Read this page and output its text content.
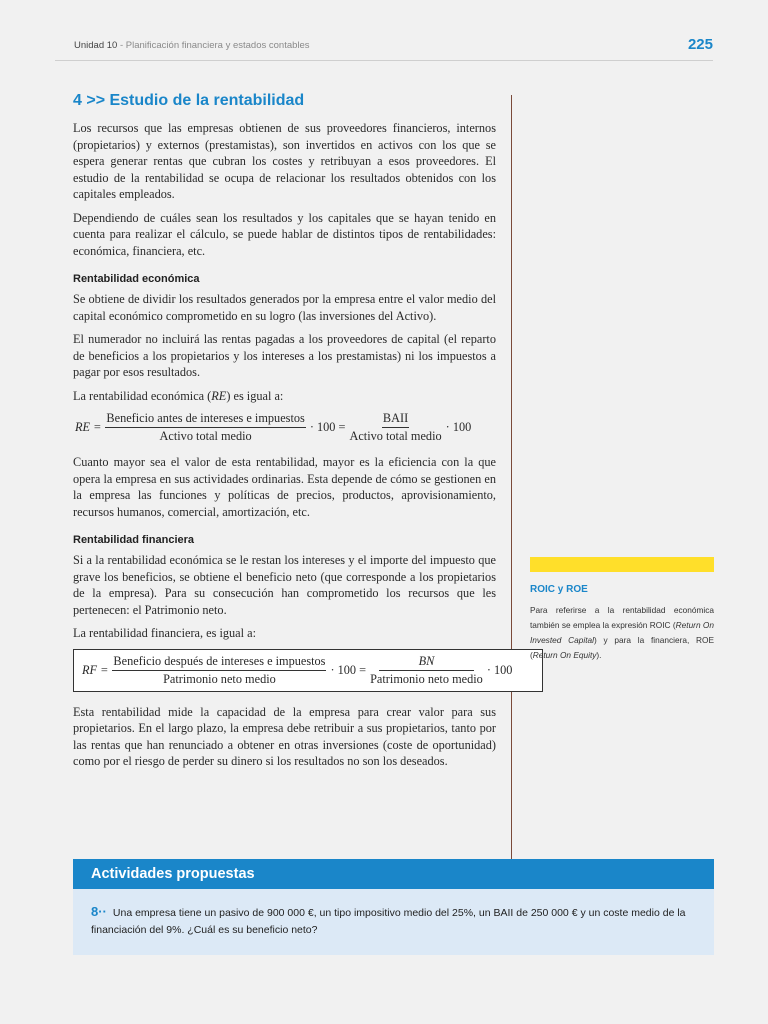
Unidad 10 - Planificación financiera y estados contables	225
4 >> Estudio de la rentabilidad

Los recursos que las empresas obtienen de sus proveedores financieros, internos (propietarios) y externos (prestamistas), son invertidos en activos con los que se espera generar rentas que cubran los costes y retribuyan a esos proveedores. El estudio de la rentabilidad se ocupa de relacionar los resultados obtenidos con los capitales empleados.

Dependiendo de cuáles sean los resultados y los capitales que se hayan tenido en cuenta para realizar el cálculo, se puede hablar de distintos tipos de rentabilidades: económica, financiera, etc.

Rentabilidad económica

Se obtiene de dividir los resultados generados por la empresa entre el valor medio del capital económico comprometido en su logro (las inversiones del Activo).

El numerador no incluirá las rentas pagadas a los proveedores de capital (el reparto de beneficios a los propietarios y los intereses a los prestamistas) ni los impuestos a pagar por esos resultados.

La rentabilidad económica (RE) es igual a:

RE = $\frac{\text{Beneficio antes de intereses e impuestos}}{\text{Activo total medio}} \cdot 100 = \frac{\text{BAII}}{\text{Activo total medio}} \cdot 100$

Cuanto mayor sea el valor de esta rentabilidad, mayor es la eficiencia con la que opera la empresa en sus actividades ordinarias. Esta depende de cómo se gestionen en la empresa las funciones y políticas de precios, productos, aprovisionamiento, recursos humanos, comercial, amortización, etc.

Rentabilidad financiera

Si a la rentabilidad económica se le restan los intereses y el importe del impuesto que grave los beneficios, se obtiene el beneficio neto (que corresponde a los propietarios de la empresa). Para su consecución han comprometido los recursos que les pertenecen: el Patrimonio neto.

La rentabilidad financiera, es igual a:

RF = $\frac{\text{Beneficio después de intereses e impuestos}}{\text{Patrimonio neto medio}} \cdot 100 = \frac{BN}{\text{Patrimonio neto medio}} \cdot 100$

Esta rentabilidad mide la capacidad de la empresa para crear valor para sus propietarios. En el largo plazo, la empresa debe retribuir a sus propietarios, tanto por las rentas que han renunciado a obtener en otras inversiones (coste de oportunidad) como por el riesgo de perder su dinero si los resultados no son los deseados.

ROIC y ROE

Para referirse a la rentabilidad económica también se emplea la expresión ROIC (Return On Invested Capital) y para la financiera, ROE (Return On Equity).

Actividades propuestas
8·· Una empresa tiene un pasivo de 900 000 €, un tipo impositivo medio del 25%, un BAII de 250 000 € y un coste medio de la financiación del 9%. ¿Cuál es su beneficio neto?
